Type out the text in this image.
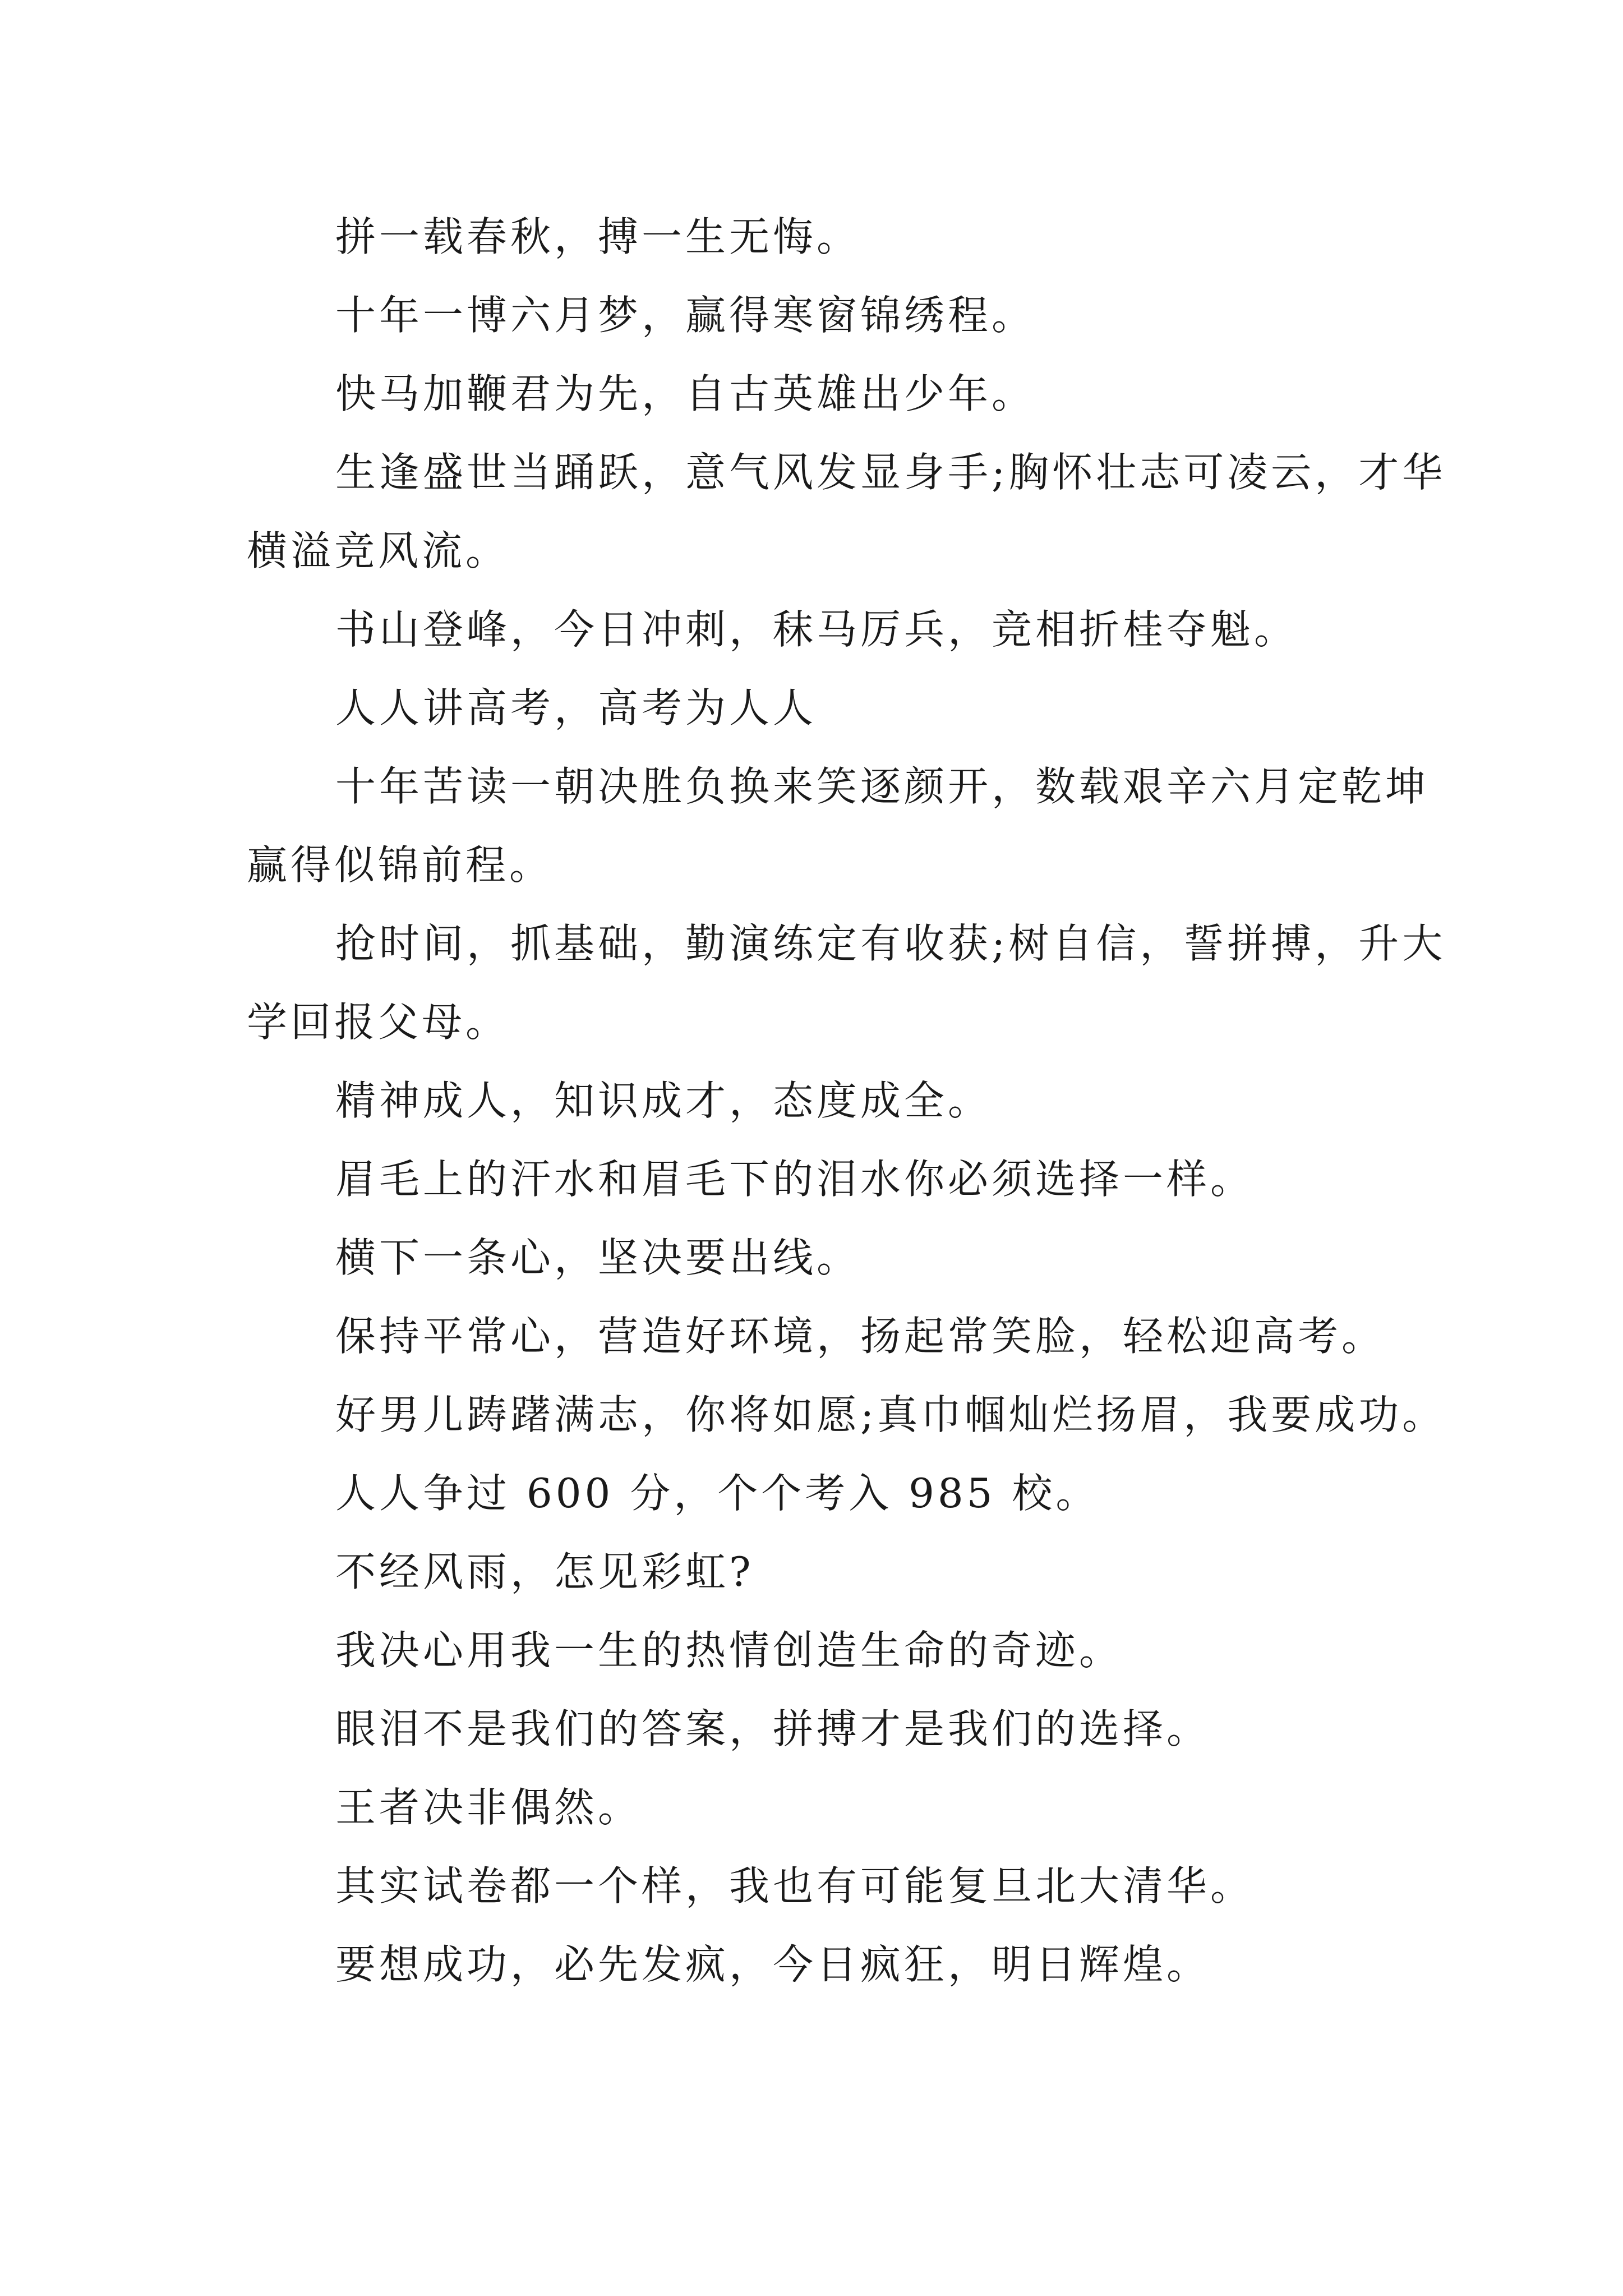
拼一载春秋，搏一生无悔。

十年一博六月梦，赢得寒窗锦绣程。

快马加鞭君为先，自古英雄出少年。

生逢盛世当踊跃，意气风发显身手;胸怀壮志可凌云，才华横溢竞风流。

书山登峰，今日冲刺，秣马厉兵，竞相折桂夺魁。

人人讲高考，高考为人人

十年苦读一朝决胜负换来笑逐颜开，数载艰辛六月定乾坤赢得似锦前程。

抢时间，抓基础，勤演练定有收获;树自信，誓拼搏，升大学回报父母。

精神成人，知识成才，态度成全。

眉毛上的汗水和眉毛下的泪水你必须选择一样。

横下一条心，坚决要出线。

保持平常心，营造好环境，扬起常笑脸，轻松迎高考。

好男儿踌躇满志，你将如愿;真巾帼灿烂扬眉，我要成功。

人人争过 600 分，个个考入 985 校。

不经风雨，怎见彩虹?

我决心用我一生的热情创造生命的奇迹。

眼泪不是我们的答案，拼搏才是我们的选择。

王者决非偶然。

其实试卷都一个样，我也有可能复旦北大清华。

要想成功，必先发疯，今日疯狂，明日辉煌。
